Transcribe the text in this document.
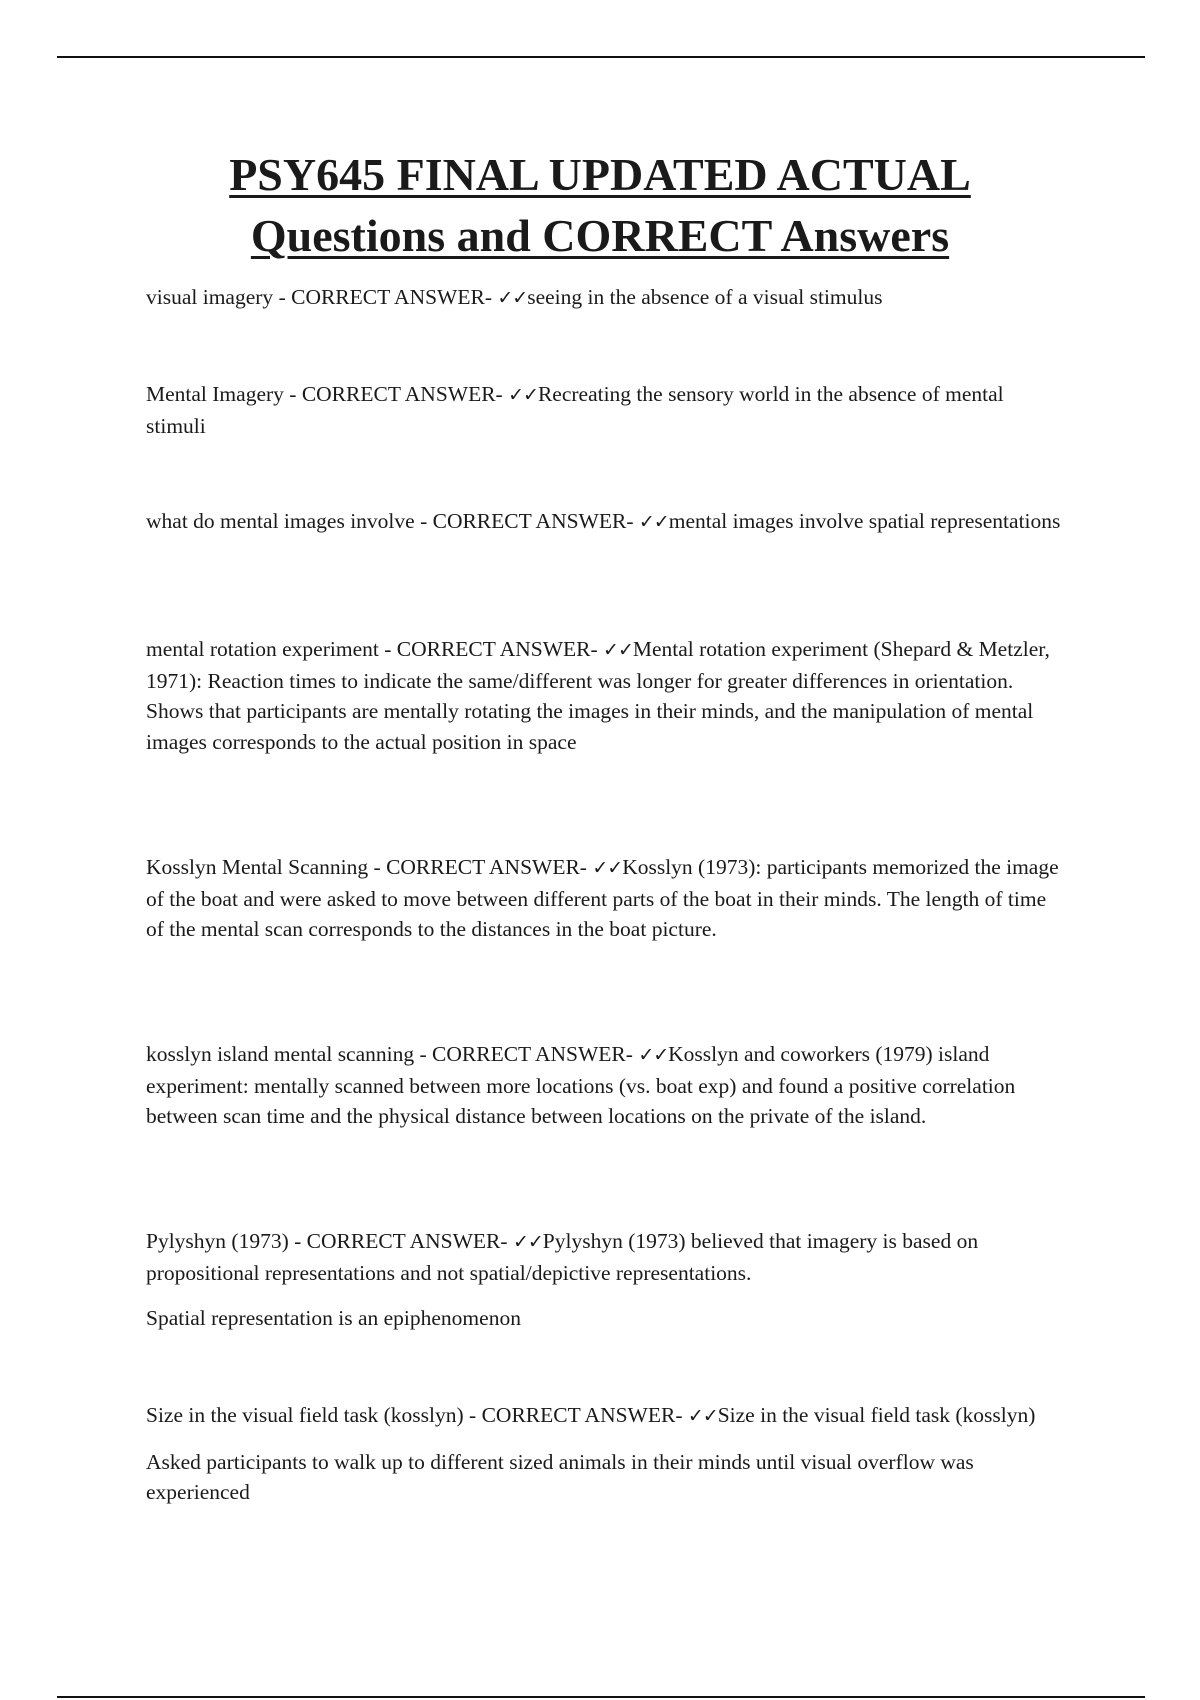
PSY645 FINAL UPDATED ACTUAL
Questions and CORRECT Answers

visual imagery - CORRECT ANSWER- ✓✓seeing in the absence of a visual stimulus

Mental Imagery - CORRECT ANSWER- ✓✓Recreating the sensory world in the absence of mental stimuli

what do mental images involve - CORRECT ANSWER- ✓✓mental images involve spatial representations

mental rotation experiment - CORRECT ANSWER- ✓✓Mental rotation experiment (Shepard & Metzler, 1971): Reaction times to indicate the same/different was longer for greater differences in orientation. Shows that participants are mentally rotating the images in their minds, and the manipulation of mental images corresponds to the actual position in space

Kosslyn Mental Scanning - CORRECT ANSWER- ✓✓Kosslyn (1973): participants memorized the image of the boat and were asked to move between different parts of the boat in their minds. The length of time of the mental scan corresponds to the distances in the boat picture.

kosslyn island mental scanning - CORRECT ANSWER- ✓✓Kosslyn and coworkers (1979) island experiment: mentally scanned between more locations (vs. boat exp) and found a positive correlation between scan time and the physical distance between locations on the private of the island.

Pylyshyn (1973) - CORRECT ANSWER- ✓✓Pylyshyn (1973) believed that imagery is based on propositional representations and not spatial/depictive representations.

Spatial representation is an epiphenomenon

Size in the visual field task (kosslyn) - CORRECT ANSWER- ✓✓Size in the visual field task (kosslyn)

Asked participants to walk up to different sized animals in their minds until visual overflow was experienced
